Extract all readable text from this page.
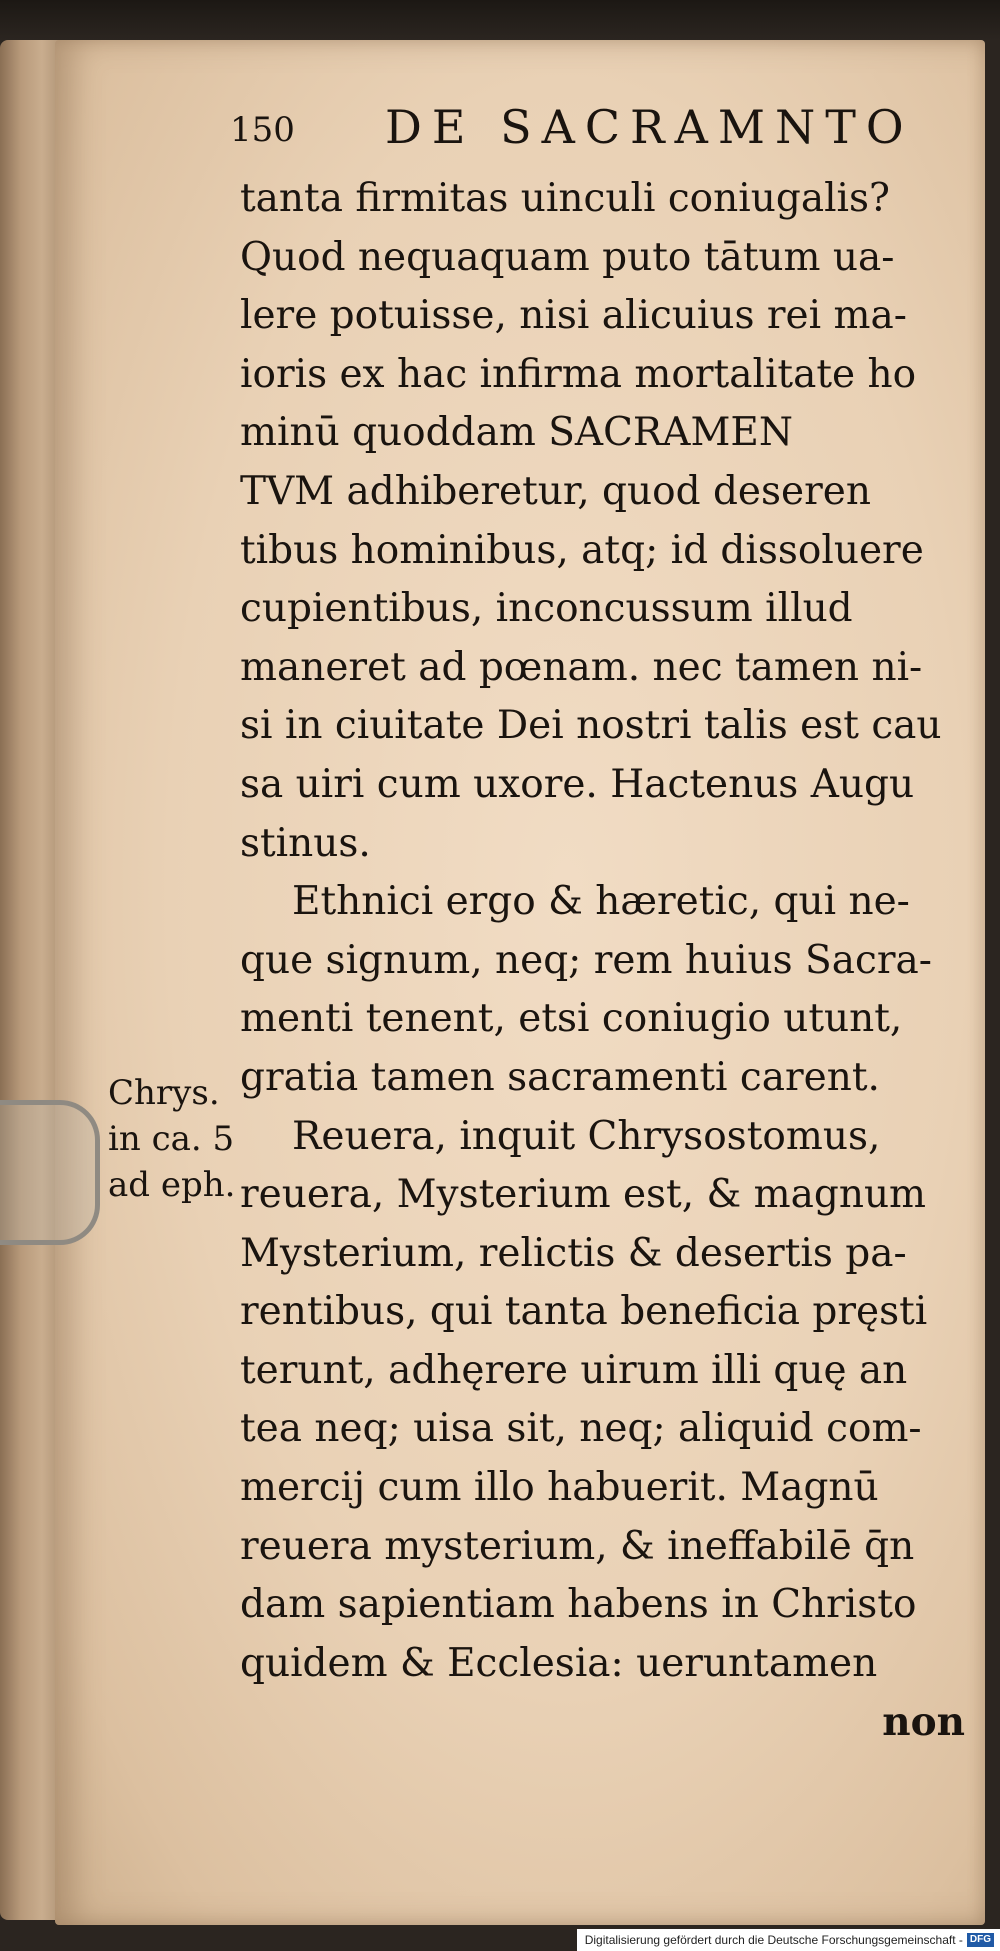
Chrys.
in ca. 5
ad eph.
150 DE SACRAMNTO
tanta firmitas uinculi coniugalis?
Quod nequaquam puto tātum ua-
lere potuisse, nisi alicuius rei ma-
ioris ex hac infirma mortalitate ho
minū quoddam SACRAMEN
TVM adhiberetur, quod deseren
tibus hominibus, atq; id dissoluere
cupientibus, inconcussum illud
maneret ad pœnam. nec tamen ni-
si in ciuitate Dei nostri talis est cau
sa uiri cum uxore. Hactenus Augu
stinus.
Ethnici ergo & hæretic, qui ne-
que signum, neq; rem huius Sacra-
menti tenent, etsi coniugio utunt,
gratia tamen sacramenti carent.
Reuera, inquit Chrysostomus,
reuera, Mysterium est, & magnum
Mysterium, relictis & desertis pa-
rentibus, qui tanta beneficia pręsti
terunt, adhęrere uirum illi quę an
tea neq; uisa sit, neq; aliquid com-
mercij cum illo habuerit. Magnū
reuera mysterium, & ineffabilē q̄n
dam sapientiam habens in Christo
quidem & Ecclesia: ueruntamen
non
Digitalisierung gefördert durch die Deutsche Forschungsgemeinschaft - DFG
